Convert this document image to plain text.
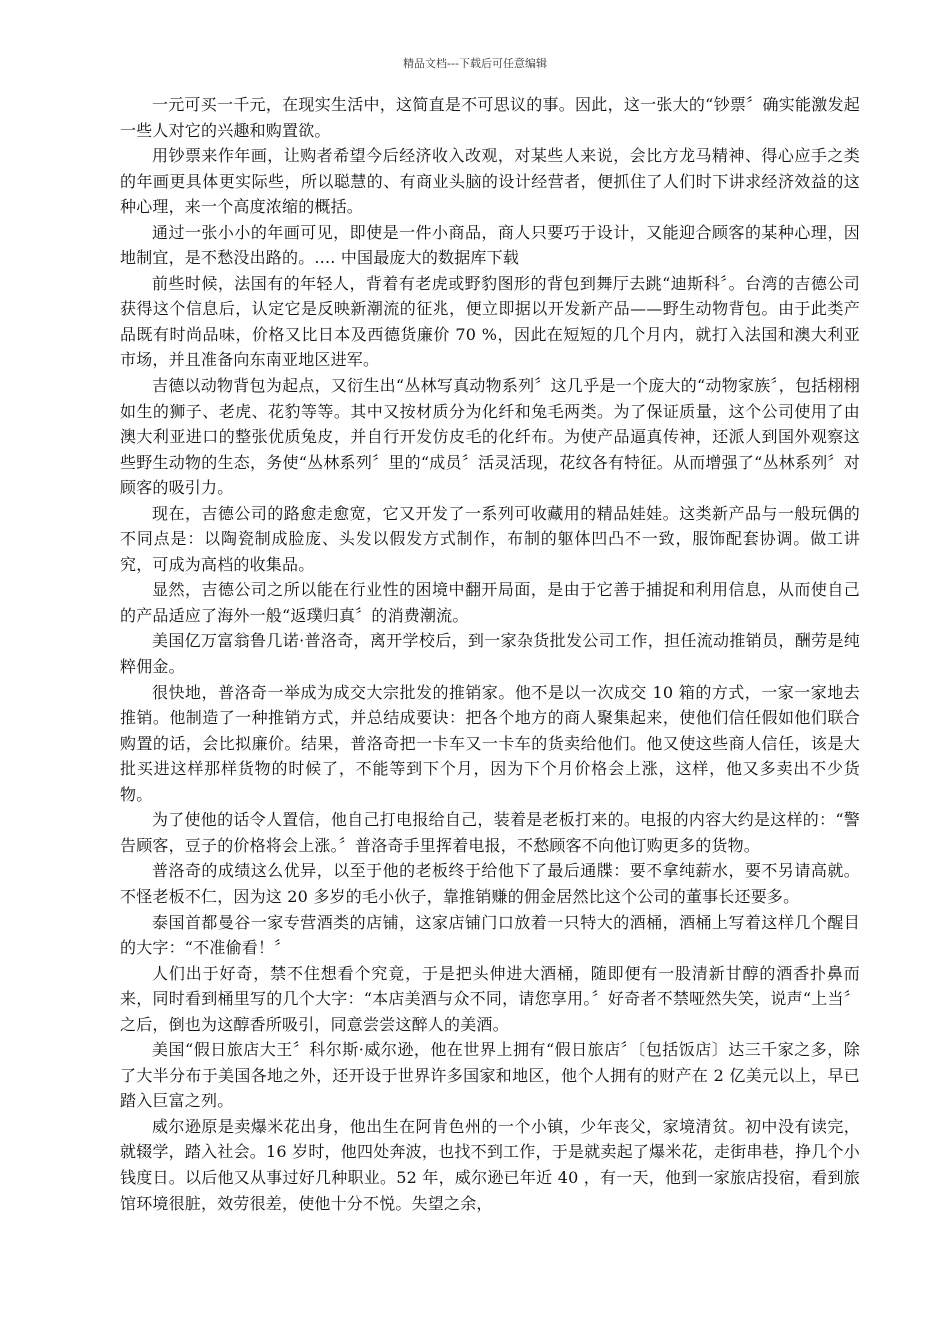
精品文档---下载后可任意编辑

一元可买一千元，在现实生活中，这简直是不可思议的事。因此，这一张大的“钞票〞确实能激发起一些人对它的兴趣和购置欲。

用钞票来作年画，让购者希望今后经济收入改观，对某些人来说，会比方龙马精神、得心应手之类的年画更具体更实际些，所以聪慧的、有商业头脑的设计经营者，便抓住了人们时下讲求经济效益的这种心理，来一个高度浓缩的概括。

通过一张小小的年画可见，即使是一件小商品，商人只要巧于设计，又能迎合顾客的某种心理，因地制宜，是不愁没出路的。.... 中国最庞大的数据库下载

前些时候，法国有的年轻人，背着有老虎或野豹图形的背包到舞厅去跳“迪斯科〞。台湾的吉德公司获得这个信息后，认定它是反映新潮流的征兆，便立即据以开发新产品——野生动物背包。由于此类产品既有时尚品味，价格又比日本及西德货廉价 70 %，因此在短短的几个月内，就打入法国和澳大利亚市场，并且准备向东南亚地区进军。

吉德以动物背包为起点，又衍生出“丛林写真动物系列〞这几乎是一个庞大的“动物家族〞，包括栩栩如生的狮子、老虎、花豹等等。其中又按材质分为化纤和兔毛两类。为了保证质量，这个公司使用了由澳大利亚进口的整张优质兔皮，并自行开发仿皮毛的化纤布。为使产品逼真传神，还派人到国外观察这些野生动物的生态，务使“丛林系列〞里的“成员〞活灵活现，花纹各有特征。从而增强了“丛林系列〞对顾客的吸引力。

现在，吉德公司的路愈走愈宽，它又开发了一系列可收藏用的精品娃娃。这类新产品与一般玩偶的不同点是：以陶瓷制成脸庞、头发以假发方式制作，布制的躯体凹凸不一致，服饰配套协调。做工讲究，可成为高档的收集品。

显然，吉德公司之所以能在行业性的困境中翻开局面，是由于它善于捕捉和利用信息，从而使自己的产品适应了海外一般“返璞归真〞的消费潮流。

美国亿万富翁鲁几诺·普洛奇，离开学校后，到一家杂货批发公司工作，担任流动推销员，酬劳是纯粹佣金。

很快地，普洛奇一举成为成交大宗批发的推销家。他不是以一次成交 10 箱的方式，一家一家地去推销。他制造了一种推销方式，并总结成要诀：把各个地方的商人聚集起来，使他们信任假如他们联合购置的话，会比拟廉价。结果，普洛奇把一卡车又一卡车的货卖给他们。他又使这些商人信任，该是大批买进这样那样货物的时候了，不能等到下个月，因为下个月价格会上涨，这样，他又多卖出不少货物。

为了使他的话令人置信，他自己打电报给自己，装着是老板打来的。电报的内容大约是这样的：“警告顾客，豆子的价格将会上涨。〞普洛奇手里挥着电报，不愁顾客不向他订购更多的货物。

普洛奇的成绩这么优异，以至于他的老板终于给他下了最后通牒：要不拿纯薪水，要不另请高就。不怪老板不仁，因为这 20 多岁的毛小伙子，靠推销赚的佣金居然比这个公司的董事长还要多。

泰国首都曼谷一家专营酒类的店铺，这家店铺门口放着一只特大的酒桶，酒桶上写着这样几个醒目的大字：“不准偷看！〞

人们出于好奇，禁不住想看个究竟，于是把头伸进大酒桶，随即便有一股清新甘醇的酒香扑鼻而来，同时看到桶里写的几个大字：“本店美酒与众不同，请您享用。〞好奇者不禁哑然失笑，说声“上当〞之后，倒也为这醇香所吸引，同意尝尝这醉人的美酒。

美国“假日旅店大王〞科尔斯·威尔逊，他在世界上拥有“假日旅店〞〔包括饭店〕达三千家之多，除了大半分布于美国各地之外，还开设于世界许多国家和地区，他个人拥有的财产在 2 亿美元以上，早已踏入巨富之列。

威尔逊原是卖爆米花出身，他出生在阿肯色州的一个小镇，少年丧父，家境清贫。初中没有读完，就辍学，踏入社会。16 岁时，他四处奔波，也找不到工作，于是就卖起了爆米花，走街串巷，挣几个小钱度日。以后他又从事过好几种职业。52 年，威尔逊已年近 40 ，有一天，他到一家旅店投宿，看到旅馆环境很脏，效劳很差，使他十分不悦。失望之余，
